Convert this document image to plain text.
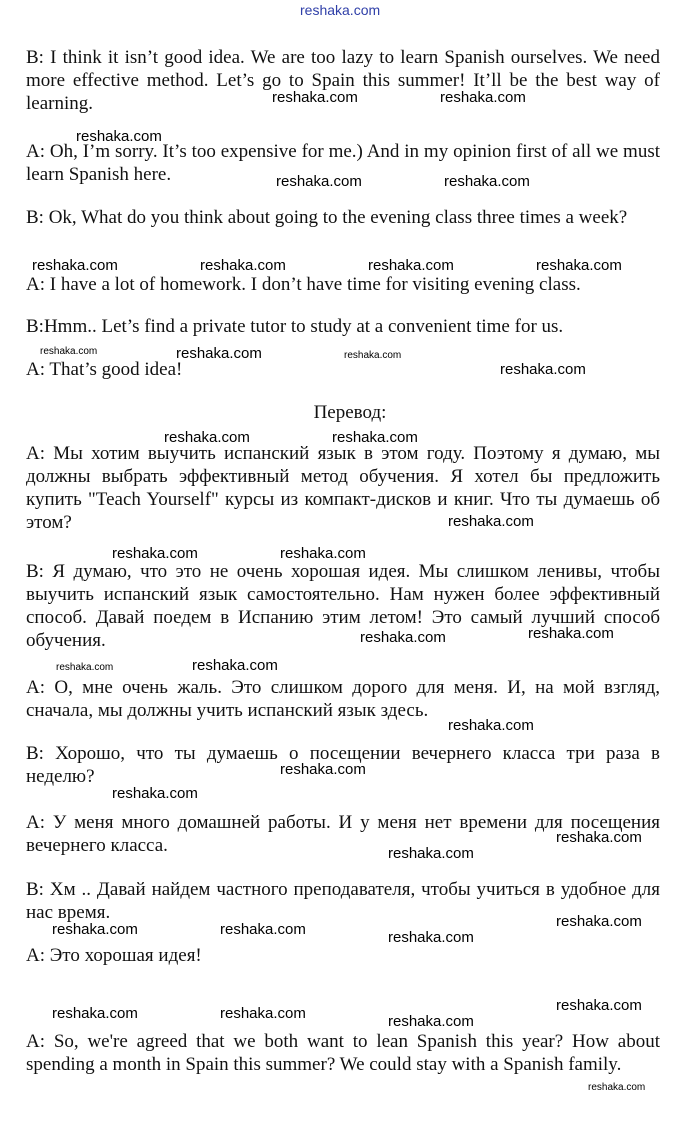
reshaka.com

B: I think it isn’t good idea. We are too lazy to learn Spanish ourselves. We need more effective method. Let’s go to Spain this summer! It’ll be the best way of learning.

A: Oh, I’m sorry. It’s too expensive for me.) And in my opinion first of all we must learn Spanish here.

B: Ok, What do you think about going to the evening class three times a week?

A: I have a lot of homework. I don’t have time for visiting evening class.

B:Hmm.. Let’s find a private tutor to study at a convenient time for us.

A: That’s good idea!

Перевод:

А: Мы хотим выучить испанский язык в этом году. Поэтому я думаю, мы должны выбрать эффективный метод обучения. Я хотел бы предложить купить "Teach Yourself" курсы из компакт-дисков и книг. Что ты думаешь об этом?

В: Я думаю, что это не очень хорошая идея. Мы слишком ленивы, чтобы выучить испанский язык самостоятельно. Нам нужен более эффективный способ. Давай поедем в Испанию этим летом! Это самый лучший способ обучения.

А: О, мне очень жаль. Это слишком дорого для меня. И, на мой взгляд, сначала, мы должны учить испанский язык здесь.

В: Хорошо, что ты думаешь о посещении вечернего класса три раза в неделю?

А: У меня много домашней работы. И у меня нет времени для посещения вечернего класса.

В: Хм .. Давай найдем частного преподавателя, чтобы учиться в удобное для нас время.

А: Это хорошая идея!

A: So, we're agreed that we both want to lean Spanish this year? How about spending a month in Spain this summer? We could stay with a Spanish family.

reshaka.com	reshaka.com
reshaka.com
reshaka.com	reshaka.com
reshaka.com	reshaka.com	reshaka.com	reshaka.com
reshaka.com	reshaka.com	reshaka.com
reshaka.com
reshaka.com	reshaka.com
reshaka.com
reshaka.com	reshaka.com
reshaka.com
reshaka.com
reshaka.com	reshaka.com
reshaka.com
reshaka.com
reshaka.com
reshaka.com
reshaka.com
reshaka.com
reshaka.com	reshaka.com	reshaka.com
reshaka.com
reshaka.com	reshaka.com	reshaka.com
reshaka.com
